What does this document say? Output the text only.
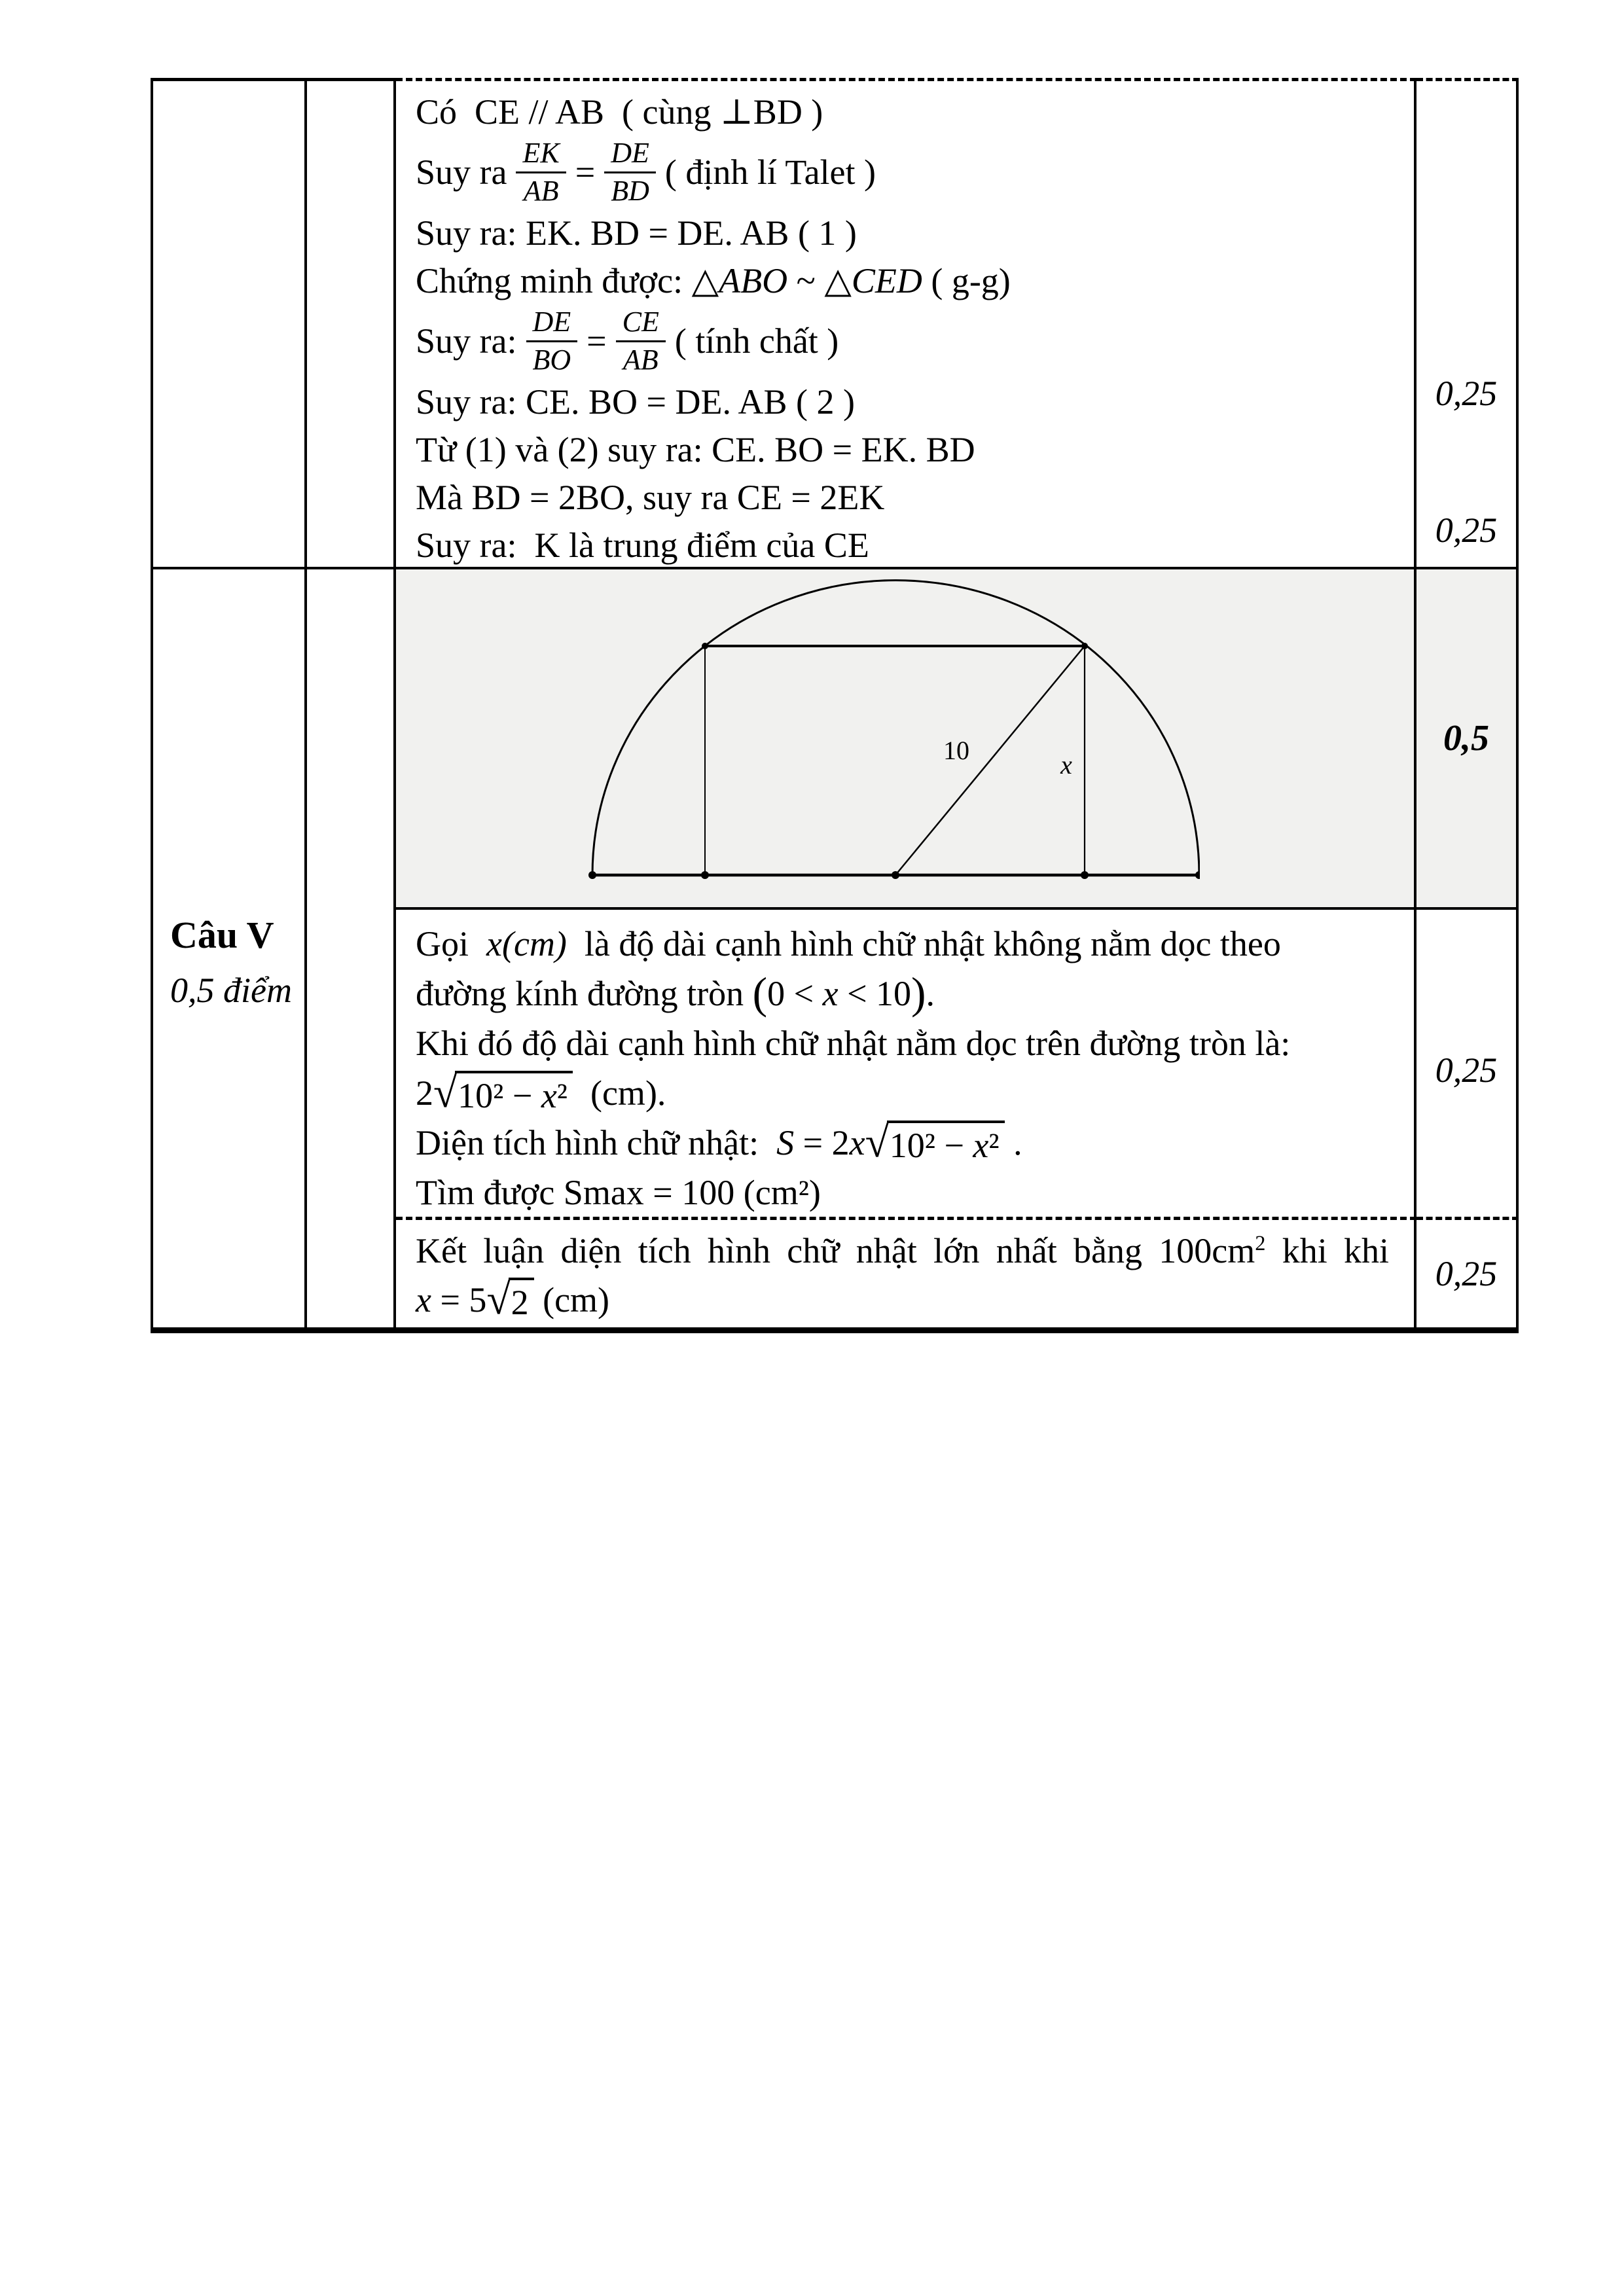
Có  CE // AB  ( cùng ⊥BD )
Suy ra $\frac{EK}{AB} = \frac{DE}{BD}$ ( định lí Talet )
Suy ra: EK. BD = DE. AB ( 1 )
Chứng minh được: △ ABO ~ △ CED ( g-g)
Suy ra: $\frac{DE}{BO} = \frac{CE}{AB}$ ( tính chất )
Suy ra: CE. BO = DE. AB ( 2 )
Từ (1) và (2) suy ra: CE. BO = EK. BD
Mà BD = 2BO, suy ra CE = 2EK
Suy ra:  K là trung điểm của CE
0,25
0,25
Câu V
0,5 điểm
10	x
0,5
Gọi x(cm) là độ dài cạnh hình chữ nhật không nằm dọc theo
đường kính đường tròn ( 0 < x < 10 ) .
Khi đó độ dài cạnh hình chữ nhật nằm dọc trên đường tròn là:
2 √ 10² − x ² (cm).
Diện tích hình chữ nhật: S = 2 x √ 10² − x ² .
Tìm được Smax = 100 (cm²)
0,25
Kết luận diện tích hình chữ nhật lớn nhất bằng $100cm^2$ khi khi
x = 5 √ 2 (cm)
0,25
